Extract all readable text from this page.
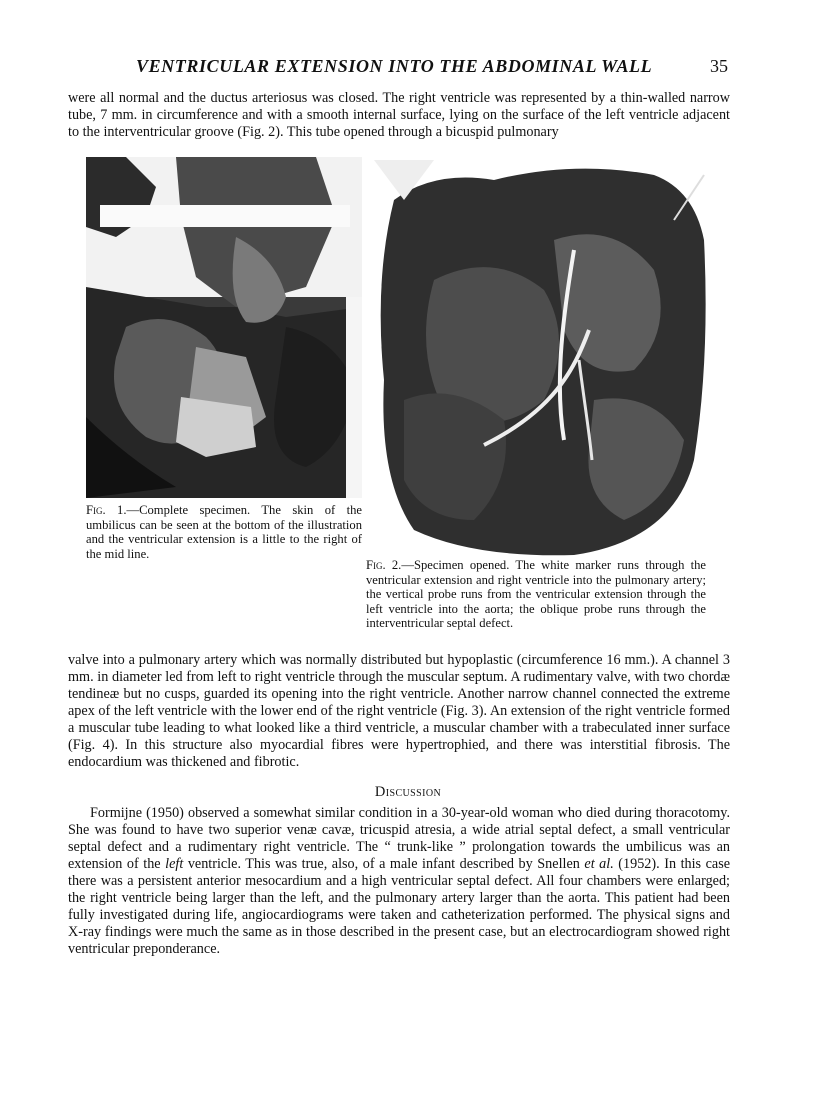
VENTRICULAR EXTENSION INTO THE ABDOMINAL WALL	35

were all normal and the ductus arteriosus was closed. The right ventricle was represented by a thin-walled narrow tube, 7 mm. in circumference and with a smooth internal surface, lying on the surface of the left ventricle adjacent to the interventricular groove (Fig. 2). This tube opened through a bicuspid pulmonary

Fig. 1.—Complete specimen. The skin of the umbilicus can be seen at the bottom of the illustration and the ventricular extension is a little to the right of the mid line.

Fig. 2.—Specimen opened. The white marker runs through the ventricular extension and right ventricle into the pulmonary artery; the vertical probe runs from the ventricular extension through the left ventricle into the aorta; the oblique probe runs through the interventricular septal defect.

valve into a pulmonary artery which was normally distributed but hypoplastic (circumference 16 mm.). A channel 3 mm. in diameter led from left to right ventricle through the muscular septum. A rudimentary valve, with two chordæ tendineæ but no cusps, guarded its opening into the right ventricle. Another narrow channel connected the extreme apex of the left ventricle with the lower end of the right ventricle (Fig. 3). An extension of the right ventricle formed a muscular tube leading to what looked like a third ventricle, a muscular chamber with a trabeculated inner surface (Fig. 4). In this structure also myocardial fibres were hypertrophied, and there was interstitial fibrosis. The endocardium was thickened and fibrotic.

Discussion

Formijne (1950) observed a somewhat similar condition in a 30-year-old woman who died during thoracotomy. She was found to have two superior venæ cavæ, tricuspid atresia, a wide atrial septal defect, a small ventricular septal defect and a rudimentary right ventricle. The “ trunk-like ” prolongation towards the umbilicus was an extension of the left ventricle. This was true, also, of a male infant described by Snellen et al. (1952). In this case there was a persistent anterior mesocardium and a high ventricular septal defect. All four chambers were enlarged; the right ventricle being larger than the left, and the pulmonary artery larger than the aorta. This patient had been fully investigated during life, angiocardiograms were taken and catheterization performed. The physical signs and X-ray findings were much the same as in those described in the present case, but an electrocardiogram showed right ventricular preponderance.
